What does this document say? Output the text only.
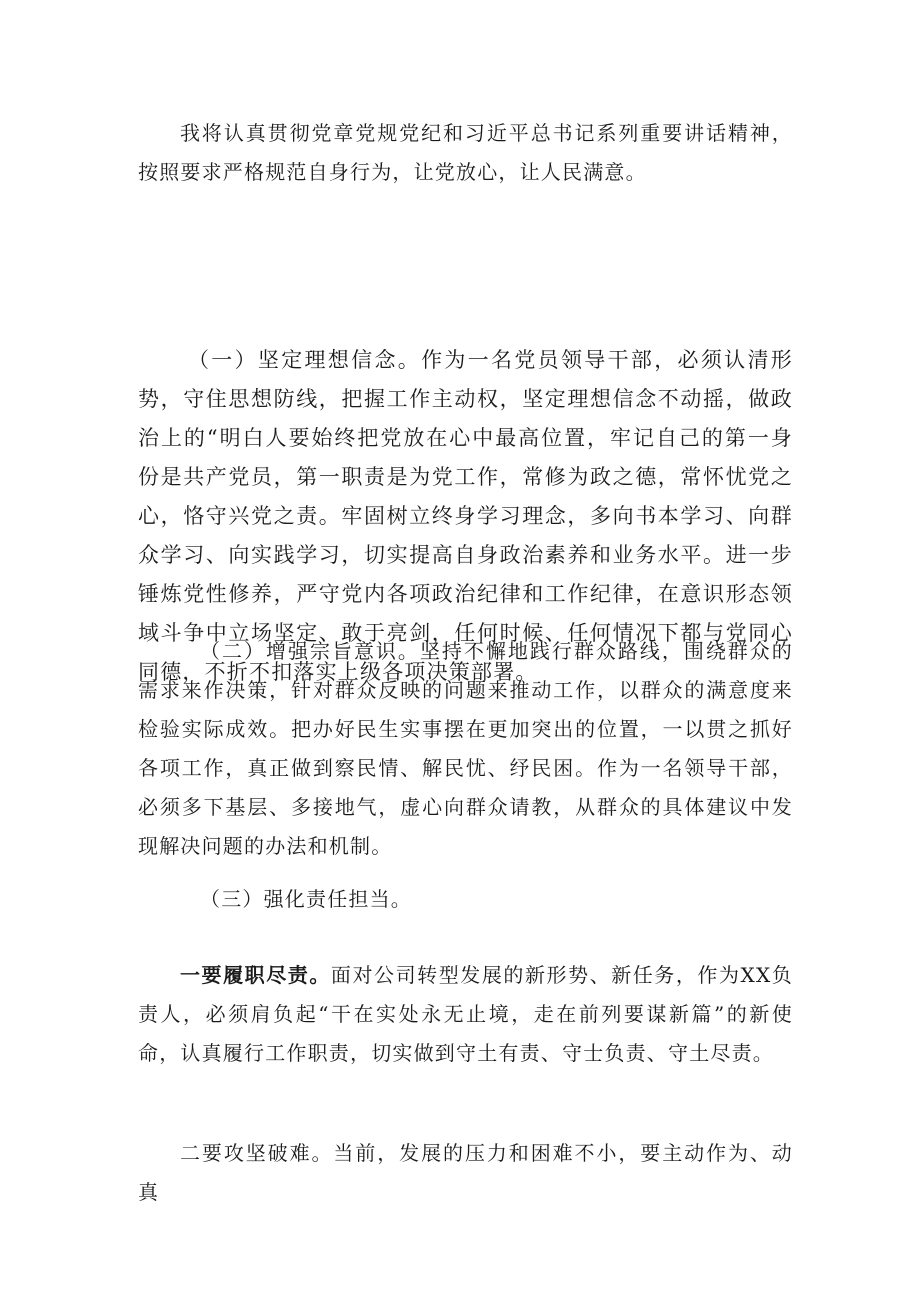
我将认真贯彻党章党规党纪和习近平总书记系列重要讲话精神，按照要求严格规范自身行为，让党放心，让人民满意。

（一）坚定理想信念。作为一名党员领导干部，必须认清形势，守住思想防线，把握工作主动权，坚定理想信念不动摇，做政治上的“明白人要始终把党放在心中最高位置，牢记自己的第一身份是共产党员，第一职责是为党工作，常修为政之德，常怀忧党之心，恪守兴党之责。牢固树立终身学习理念，多向书本学习、向群众学习、向实践学习，切实提高自身政治素养和业务水平。进一步锤炼党性修养，严守党内各项政治纪律和工作纪律，在意识形态领域斗争中立场坚定、敢于亮剑，任何时候、任何情况下都与党同心同德，不折不扣落实上级各项决策部署。

（二）增强宗旨意识。坚持不懈地践行群众路线，围绕群众的需求来作决策，针对群众反映的问题来推动工作，以群众的满意度来检验实际成效。把办好民生实事摆在更加突出的位置，一以贯之抓好各项工作，真正做到察民情、解民忧、纾民困。作为一名领导干部，必须多下基层、多接地气，虚心向群众请教，从群众的具体建议中发现解决问题的办法和机制。

（三）强化责任担当。

一要履职尽责。面对公司转型发展的新形势、新任务，作为XX负责人，必须肩负起“干在实处永无止境，走在前列要谋新篇”的新使命，认真履行工作职责，切实做到守土有责、守士负责、守土尽责。

二要攻坚破难。当前，发展的压力和困难不小，要主动作为、动真
